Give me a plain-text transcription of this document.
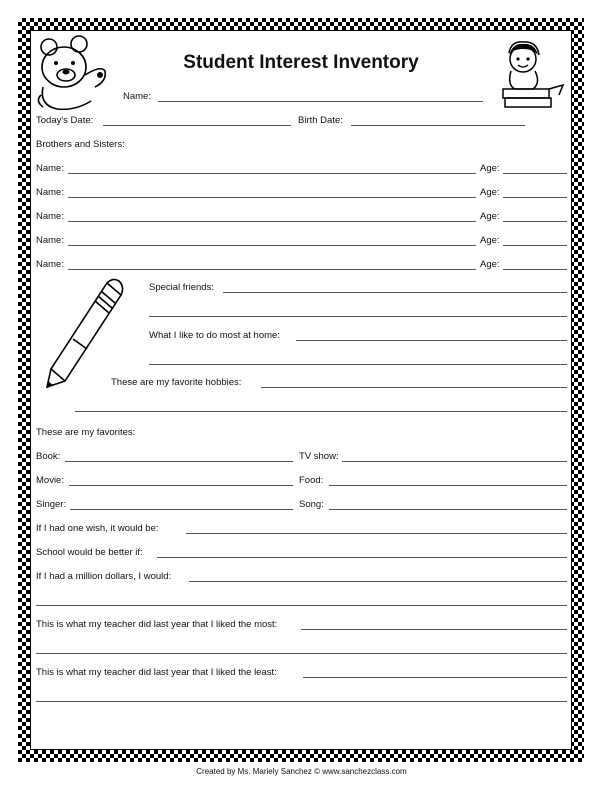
Student Interest Inventory
Name:
Today's Date:	Birth Date:
Brothers and Sisters:
Name:	Age:
Name:	Age:
Name:	Age:
Name:	Age:
Name:	Age:
Special friends:
What I like to do most at home:
These are my favorite hobbies:
These are my favorites:
Book:	TV show:
Movie:	Food:
Singer:	Song:
If I had one wish, it would be:
School would be better if:
If I had a million dollars, I would:
This is what my teacher did last year that I liked the most:
This is what my teacher did last year that I liked the least:
Created by Ms. Mariely Sanchez © www.sanchezclass.com
